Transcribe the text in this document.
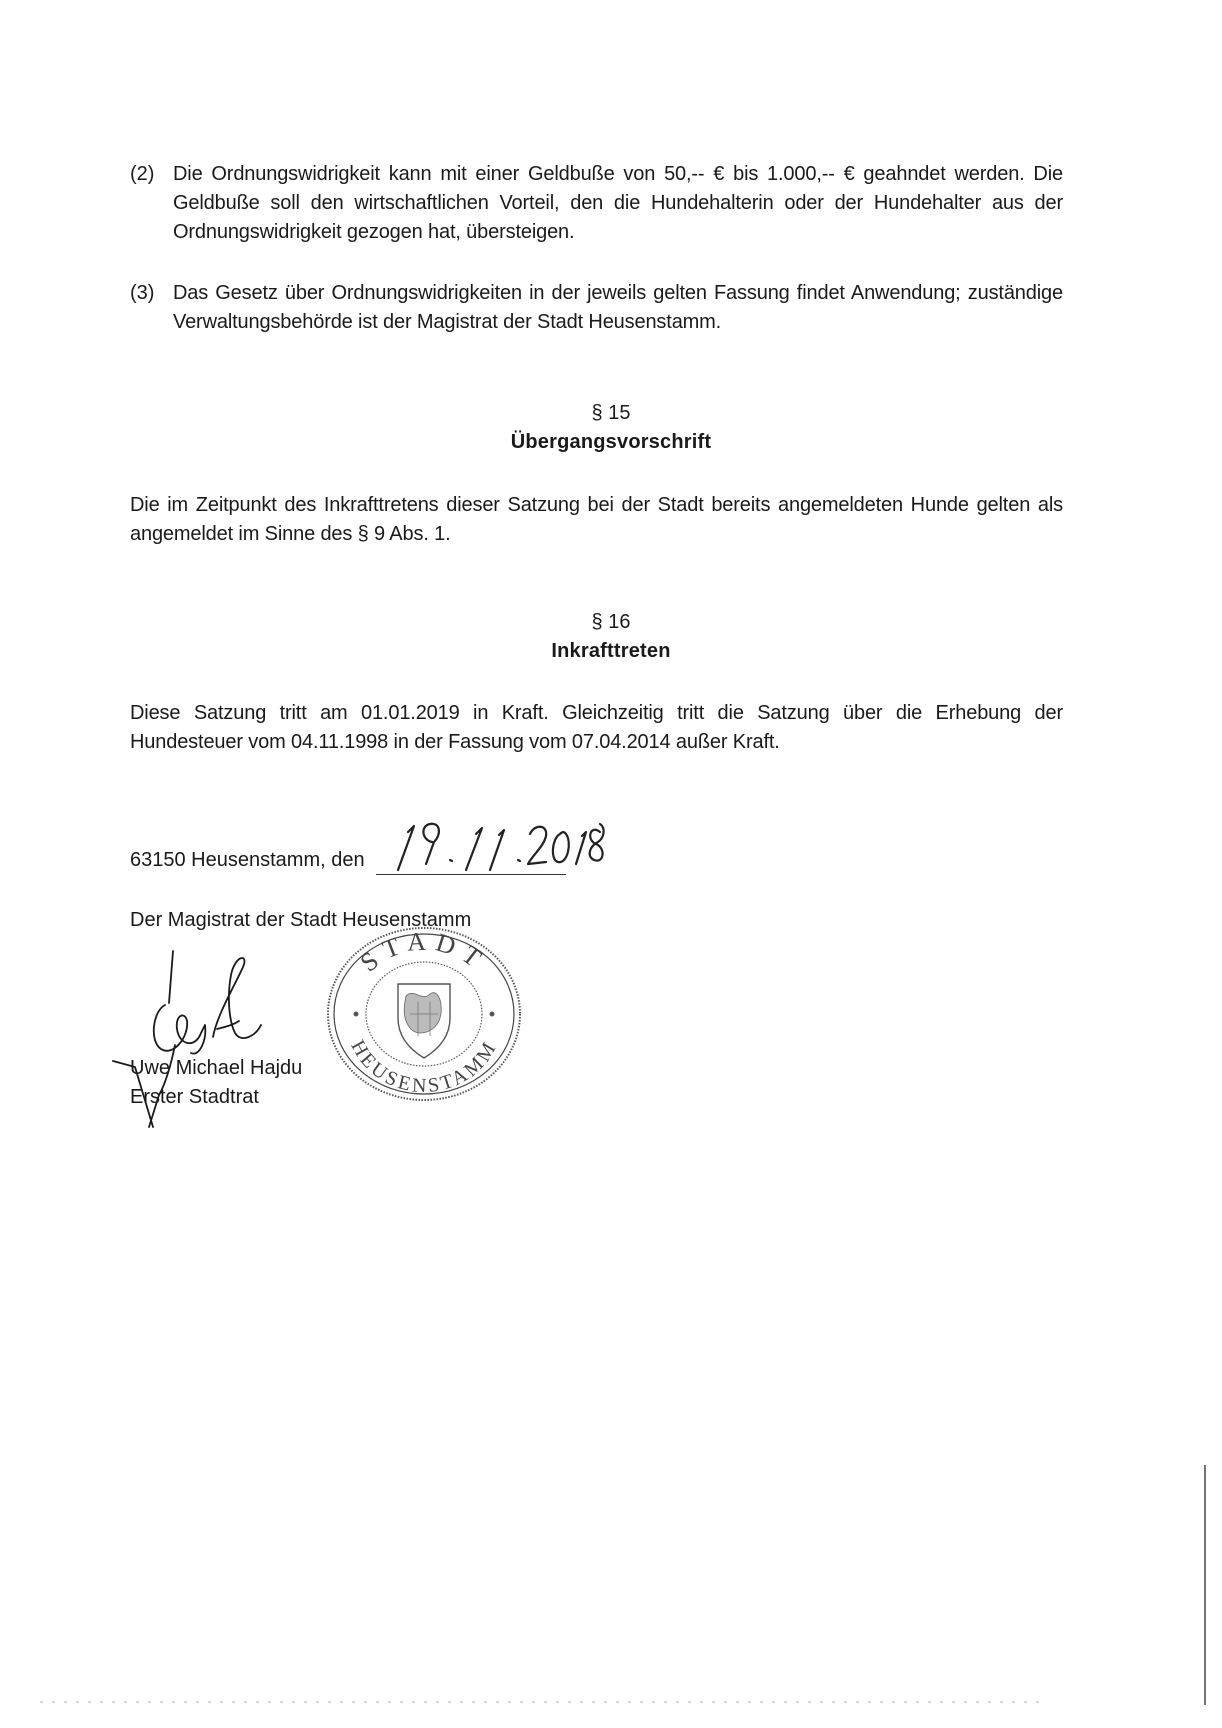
(2) Die Ordnungswidrigkeit kann mit einer Geldbuße von 50,-- € bis 1.000,-- € geahndet werden. Die Geldbuße soll den wirtschaftlichen Vorteil, den die Hundehalterin oder der Hundehalter aus der Ordnungswidrigkeit gezogen hat, übersteigen.
(3) Das Gesetz über Ordnungswidrigkeiten in der jeweils gelten Fassung findet Anwendung; zuständige Verwaltungsbehörde ist der Magistrat der Stadt Heusenstamm.
§ 15
Übergangsvorschrift
Die im Zeitpunkt des Inkrafttretens dieser Satzung bei der Stadt bereits angemeldeten Hunde gelten als angemeldet im Sinne des § 9 Abs. 1.
§ 16
Inkrafttreten
Diese Satzung tritt am 01.01.2019 in Kraft. Gleichzeitig tritt die Satzung über die Erhebung der Hundesteuer vom 04.11.1998 in der Fassung vom 07.04.2014 außer Kraft.
63150 Heusenstamm, den
Der Magistrat der Stadt Heusenstamm
Uwe Michael Hajdu
Erster Stadtrat
STADT
HEUSENSTAMM
